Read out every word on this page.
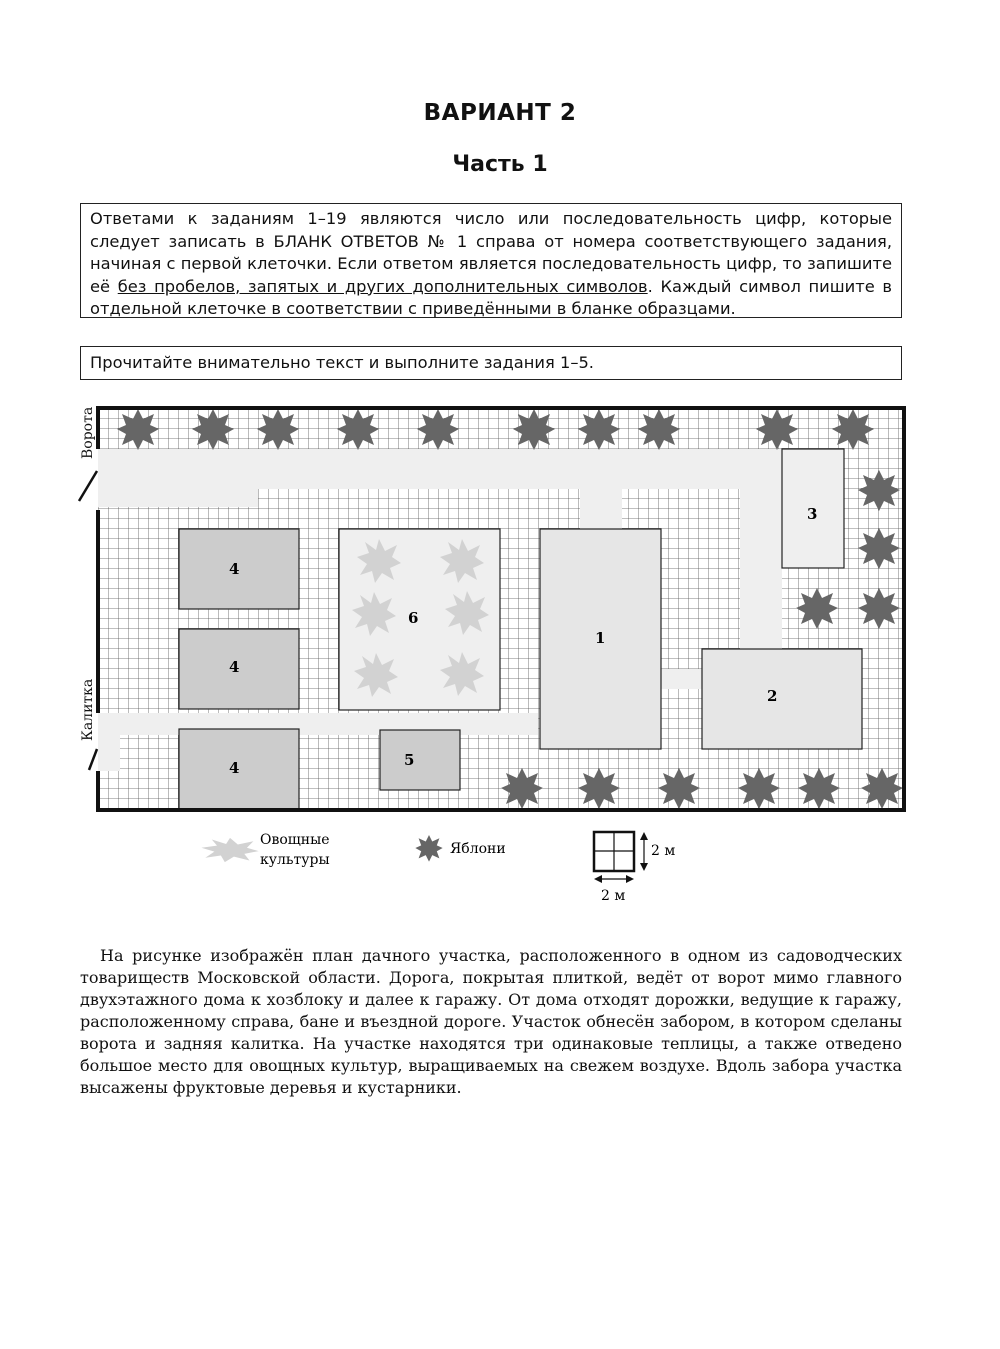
ВАРИАНТ 2
Часть 1
Ответами к заданиям 1–19 являются число или последовательность цифр, которые следует записать в БЛАНК ОТВЕТОВ № 1 справа от номера соответствующего задания, начиная с первой клеточки. Если ответом является последовательность цифр, то запишите её без пробелов, запятых и других дополнительных символов. Каждый символ пишите в отдельной клеточке в соответствии с приведёнными в бланке образцами.
Прочитайте внимательно текст и выполните задания 1–5.
Ворота
Калитка
1
2
3
4
4
4	5
6
Овощные
культуры
Яблони	2 м
2 м
На рисунке изображён план дачного участка, расположенного в одном из садоводческих товариществ Московской области. Дорога, покрытая плиткой, ведёт от ворот мимо главного двухэтажного дома к хозблоку и далее к гаражу. От дома отходят дорожки, ведущие к гаражу, расположенному справа, бане и въездной дороге. Участок обнесён забором, в котором сделаны ворота и задняя калитка. На участке находятся три одинаковые теплицы, а также отведено большое место для овощных культур, выращиваемых на свежем воздухе. Вдоль забора участка высажены фруктовые деревья и кустарники.
